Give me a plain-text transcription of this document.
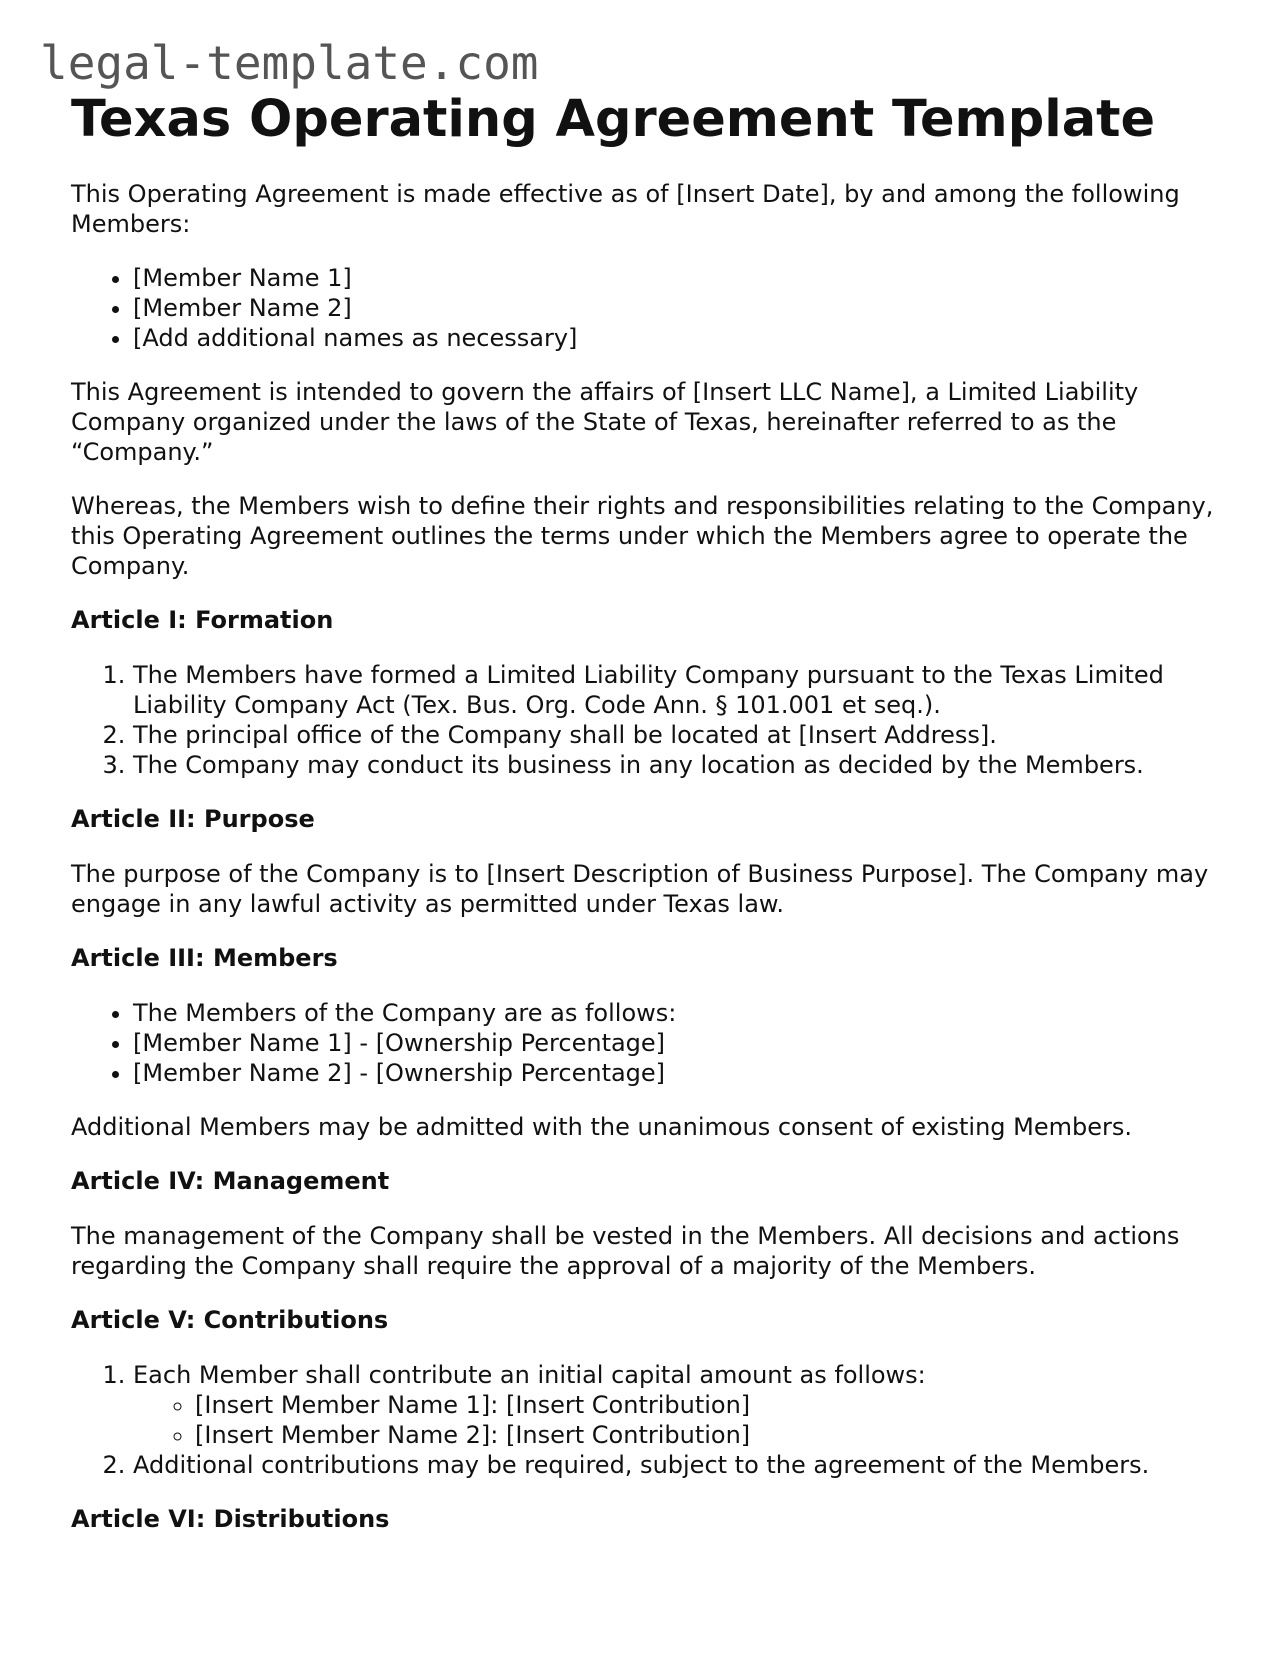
legal-template.com
Texas Operating Agreement Template

This Operating Agreement is made effective as of [Insert Date], by and among the following Members:

• [Member Name 1]
• [Member Name 2]
• [Add additional names as necessary]

This Agreement is intended to govern the affairs of [Insert LLC Name], a Limited Liability Company organized under the laws of the State of Texas, hereinafter referred to as the “Company.”

Whereas, the Members wish to define their rights and responsibilities relating to the Company, this Operating Agreement outlines the terms under which the Members agree to operate the Company.

Article I: Formation
1. The Members have formed a Limited Liability Company pursuant to the Texas Limited Liability Company Act (Tex. Bus. Org. Code Ann. § 101.001 et seq.).
2. The principal office of the Company shall be located at [Insert Address].
3. The Company may conduct its business in any location as decided by the Members.
Article II: Purpose

The purpose of the Company is to [Insert Description of Business Purpose]. The Company may engage in any lawful activity as permitted under Texas law.

Article III: Members
• The Members of the Company are as follows:
• [Member Name 1] - [Ownership Percentage]
• [Member Name 2] - [Ownership Percentage]

Additional Members may be admitted with the unanimous consent of existing Members.

Article IV: Management

The management of the Company shall be vested in the Members. All decisions and actions regarding the Company shall require the approval of a majority of the Members.

Article V: Contributions
1. Each Member shall contribute an initial capital amount as follows:
◦ [Insert Member Name 1]: [Insert Contribution]
◦ [Insert Member Name 2]: [Insert Contribution]
2. Additional contributions may be required, subject to the agreement of the Members.
Article VI: Distributions
